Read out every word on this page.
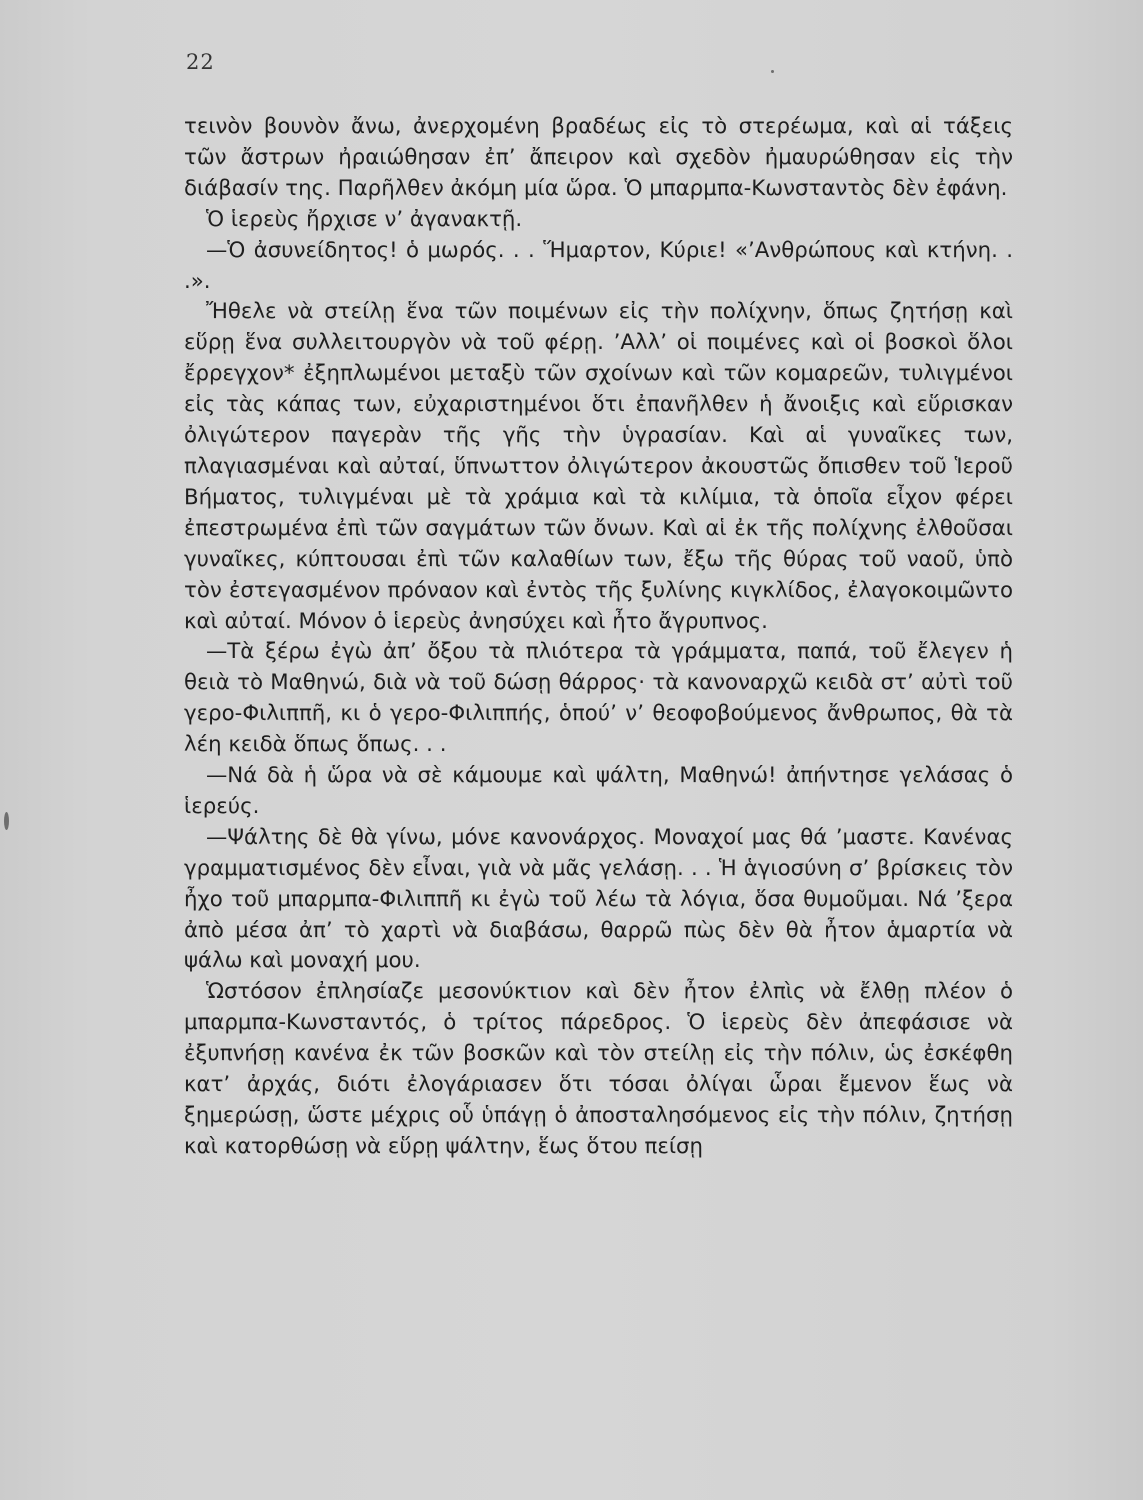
22

τεινὸν βουνὸν ἄνω, ἀνερχομένη βραδέως εἰς τὸ στερέωμα, καὶ αἱ τάξεις τῶν ἄστρων ἠραιώθησαν ἐπ’ ἄπειρον καὶ σχεδὸν ἠμαυρώθησαν εἰς τὴν διάβασίν της. Παρῆλθεν ἀκόμη μία ὥρα. Ὁ μπαρμπα-Κωνσταντὸς δὲν ἐφάνη.

Ὁ ἱερεὺς ἤρχισε ν’ ἀγανακτῇ.

—Ὁ ἀσυνείδητος! ὁ μωρός. . . Ἥμαρτον, Κύριε! «’Ανθρώπους καὶ κτήνη. . .».

Ἤθελε νὰ στείλῃ ἕνα τῶν ποιμένων εἰς τὴν πολίχνην, ὅπως ζητήσῃ καὶ εὕρῃ ἕνα συλλειτουργὸν νὰ τοῦ φέρῃ. ’Αλλ’ οἱ ποιμένες καὶ οἱ βοσκοὶ ὅλοι ἔρρεγχον* ἐξηπλωμένοι μεταξὺ τῶν σχοίνων καὶ τῶν κομαρεῶν, τυλιγμένοι εἰς τὰς κάπας των, εὐχαριστημένοι ὅτι ἐπανῆλθεν ἡ ἄνοιξις καὶ εὕρισκαν ὀλιγώτερον παγερὰν τῆς γῆς τὴν ὑγρασίαν. Καὶ αἱ γυναῖκες των, πλαγιασμέναι καὶ αὐταί, ὕπνωττον ὀλιγώτερον ἀκουστῶς ὄπισθεν τοῦ Ἱεροῦ Βήματος, τυλιγμέναι μὲ τὰ χράμια καὶ τὰ κιλίμια, τὰ ὁποῖα εἶχον φέρει ἐπεστρωμένα ἐπὶ τῶν σαγμάτων τῶν ὄνων. Καὶ αἱ ἐκ τῆς πολίχνης ἐλθοῦσαι γυναῖκες, κύπτουσαι ἐπὶ τῶν καλαθίων των, ἔξω τῆς θύρας τοῦ ναοῦ, ὑπὸ τὸν ἐστεγασμένον πρόναον καὶ ἐντὸς τῆς ξυλίνης κιγκλίδος, ἐλαγοκοιμῶντο καὶ αὐταί. Μόνον ὁ ἱερεὺς ἀνησύχει καὶ ἦτο ἄγρυπνος.

—Τὰ ξέρω ἐγὼ ἀπ’ ὄξου τὰ πλιότερα τὰ γράμματα, παπά, τοῦ ἔλεγεν ἡ θειὰ τὸ Μαθηνώ, διὰ νὰ τοῦ δώσῃ θάρρος· τὰ κανοναρχῶ κειδὰ στ’ αὐτὶ τοῦ γερο-Φιλιππῆ, κι ὁ γερο-Φιλιππής, ὁπού’ ν’ θεοφοβούμενος ἄνθρωπος, θὰ τὰ λέη κειδὰ ὅπως ὅπως. . .

—Νά δὰ ἡ ὥρα νὰ σὲ κάμουμε καὶ ψάλτη, Μαθηνώ! ἀπήντησε γελάσας ὁ ἱερεύς.

—Ψάλτης δὲ θὰ γίνω, μόνε κανονάρχος. Μοναχοί μας θά ’μαστε. Κανένας γραμματισμένος δὲν εἶναι, γιὰ νὰ μᾶς γελάσῃ. . . Ἡ ἁγιοσύνη σ’ βρίσκεις τὸν ἦχο τοῦ μπαρμπα-Φιλιππῆ κι ἐγὼ τοῦ λέω τὰ λόγια, ὅσα θυμοῦμαι. Νά ’ξερα ἀπὸ μέσα ἀπ’ τὸ χαρτὶ νὰ διαβάσω, θαρρῶ πὼς δὲν θὰ ἦτον ἁμαρτία νὰ ψάλω καὶ μοναχή μου.

Ὡστόσον ἐπλησίαζε μεσονύκτιον καὶ δὲν ἦτον ἐλπὶς νὰ ἔλθῃ πλέον ὁ μπαρμπα-Κωνσταντός, ὁ τρίτος πάρεδρος. Ὁ ἱερεὺς δὲν ἀπεφάσισε νὰ ἐξυπνήσῃ κανένα ἐκ τῶν βοσκῶν καὶ τὸν στείλῃ εἰς τὴν πόλιν, ὡς ἐσκέφθη κατ’ ἀρχάς, διότι ἐλογάριασεν ὅτι τόσαι ὀλίγαι ὧραι ἔμενον ἕως νὰ ξημερώσῃ, ὥστε μέχρις οὗ ὑπάγῃ ὁ ἀποσταλησόμενος εἰς τὴν πόλιν, ζητήσῃ καὶ κατορθώσῃ νὰ εὕρῃ ψάλτην, ἕως ὅτου πείσῃ
